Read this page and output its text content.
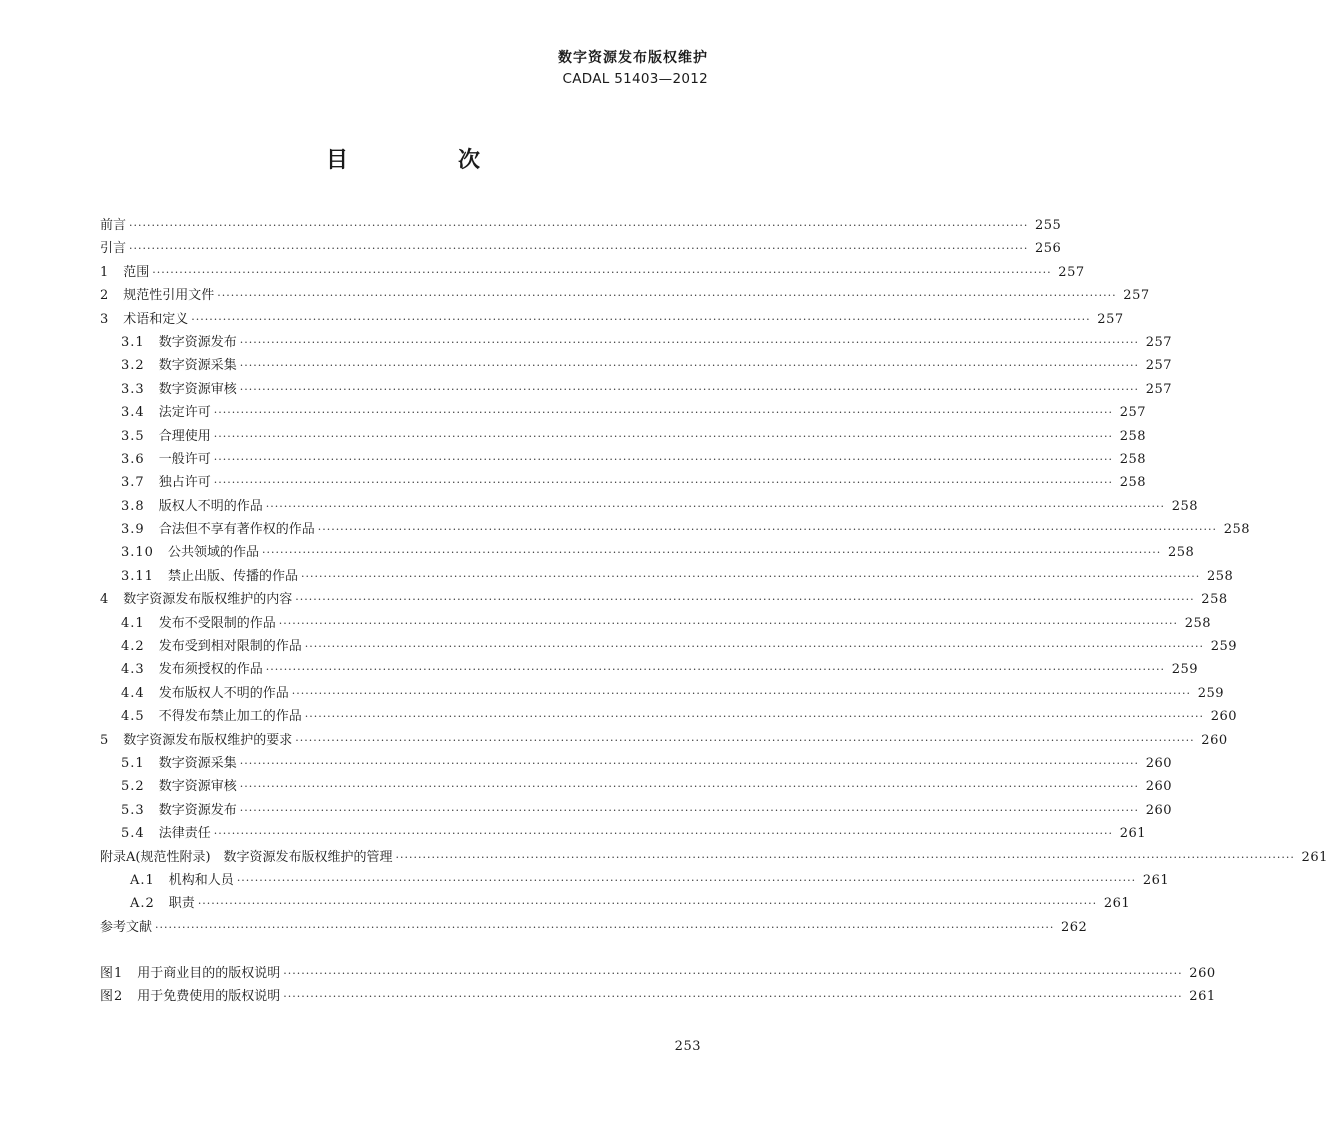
数字资源发布版权维护
CADAL 51403—2012
目　次
前言 ········································································································································································································ 255
引言 ········································································································································································································ 256
1 范围 ········································································································································································································ 257
2 规范性引用文件 ········································································································································································································ 257
3 术语和定义 ········································································································································································································ 257
3.1 数字资源发布 ········································································································································································································ 257
3.2 数字资源采集 ········································································································································································································ 257
3.3 数字资源审核 ········································································································································································································ 257
3.4 法定许可 ········································································································································································································ 257
3.5 合理使用 ········································································································································································································ 258
3.6 一般许可 ········································································································································································································ 258
3.7 独占许可 ········································································································································································································ 258
3.8 版权人不明的作品 ········································································································································································································ 258
3.9 合法但不享有著作权的作品 ········································································································································································································ 258
3.10 公共领域的作品 ········································································································································································································ 258
3.11 禁止出版、传播的作品 ········································································································································································································ 258
4 数字资源发布版权维护的内容 ········································································································································································································ 258
4.1 发布不受限制的作品 ········································································································································································································ 258
4.2 发布受到相对限制的作品 ········································································································································································································ 259
4.3 发布须授权的作品 ········································································································································································································ 259
4.4 发布版权人不明的作品 ········································································································································································································ 259
4.5 不得发布禁止加工的作品 ········································································································································································································ 260
5 数字资源发布版权维护的要求 ········································································································································································································ 260
5.1 数字资源采集 ········································································································································································································ 260
5.2 数字资源审核 ········································································································································································································ 260
5.3 数字资源发布 ········································································································································································································ 260
5.4 法律责任 ········································································································································································································ 261
附录A(规范性附录)　数字资源发布版权维护的管理 ········································································································································································································ 261
A.1 机构和人员 ········································································································································································································ 261
A.2 职责 ········································································································································································································ 261
参考文献 ········································································································································································································ 262
图1 用于商业目的的版权说明 ········································································································································································································ 260
图2 用于免费使用的版权说明 ········································································································································································································ 261
253
